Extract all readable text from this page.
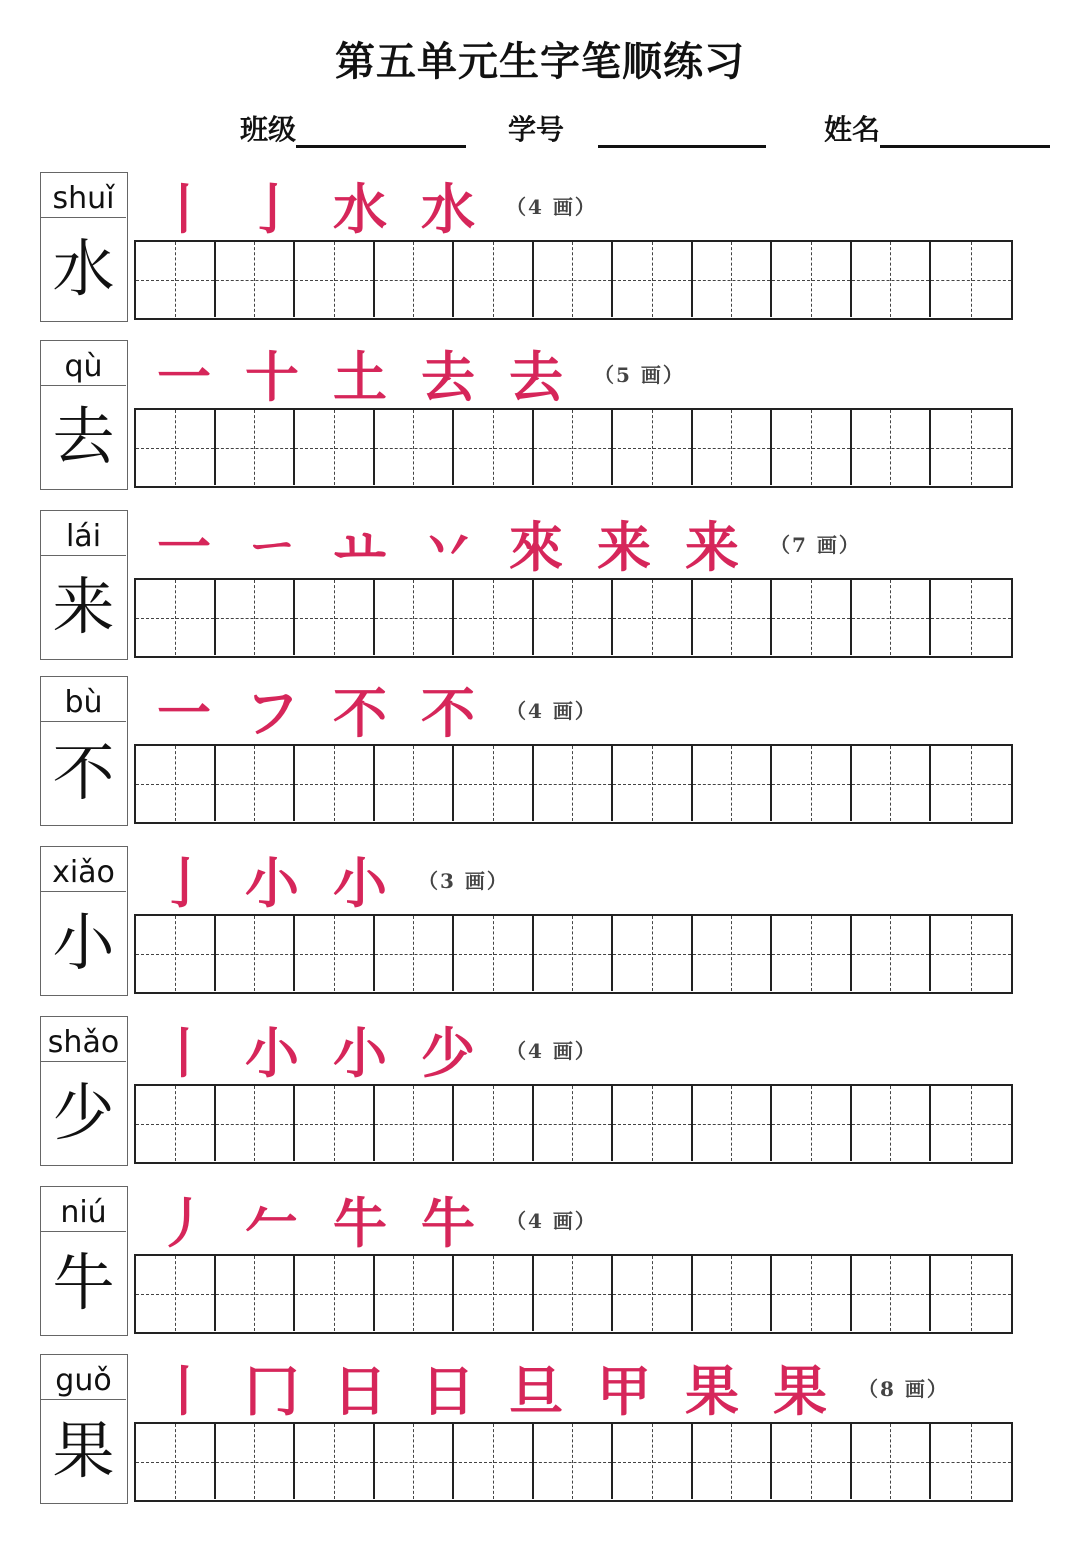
第五单元生字笔顺练习
班级	学号	姓名
shuǐ
水
丨 亅 水 水	（4 画）
qù
去
一 十 土 去 去	（5 画）
lái
来
一 ㄧ ㅛ 丷 來 来 来	（7 画）
bù
不
一 フ 不 不	（4 画）
xiǎo
小
亅 小 小	（3 画）
shǎo
少
丨 小 小 少	（4 画）
niú
牛
丿 𠂉 牛 牛	（4 画）
guǒ
果
丨 冂 日 日 旦 甲 果 果	（8 画）
